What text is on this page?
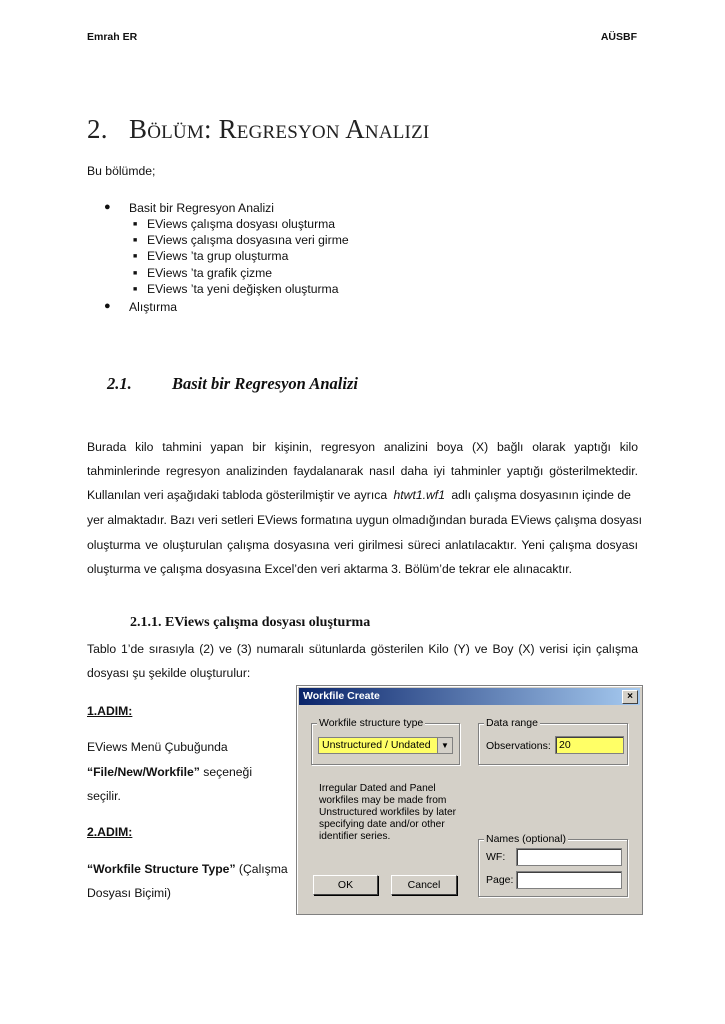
Emrah ER	AÜSBF
2. Bölüm: Regresyon Analizi
Bu bölümde;
● Basit bir Regresyon Analizi
■ EViews çalışma dosyası oluşturma
■ EViews çalışma dosyasına veri girme
■ EViews ’ta grup oluşturma
■ EViews ’ta grafik çizme
■ EViews ’ta yeni değişken oluşturma
● Alıştırma
2.1. Basit bir Regresyon Analizi
Burada kilo tahmini yapan bir kişinin, regresyon analizini boya (X) bağlı olarak yaptığı kilo
tahminlerinde regresyon analizinden faydalanarak nasıl daha iyi tahminler yaptığı gösterilmektedir.
Kullanılan veri aşağıdaki tabloda gösterilmiştir ve ayrıca htwt1.wf1 adlı çalışma dosyasının içinde de
yer almaktadır. Bazı veri setleri EViews formatına uygun olmadığından burada EViews çalışma dosyası
oluşturma ve oluşturulan çalışma dosyasına veri girilmesi süreci anlatılacaktır. Yeni çalışma dosyası
oluşturma ve çalışma dosyasına Excel’den veri aktarma 3. Bölüm’de tekrar ele alınacaktır.
2.1.1. EViews çalışma dosyası oluşturma
Tablo 1’de sırasıyla (2) ve (3) numaralı sütunlarda gösterilen Kilo (Y) ve Boy (X) verisi için çalışma
dosyası şu şekilde oluşturulur:
1.ADIM:
EViews Menü Çubuğunda
“File/New/Workfile” seçeneği
seçilir.
2.ADIM:
“Workfile Structure Type” (Çalışma
Dosyası Biçimi)
Workfile Create	×
Workfile structure type
Unstructured / Undated	▼
Data range
Observations: 20
Irregular Dated and Panel workfiles may be made from Unstructured workfiles by later specifying date and/or other identifier series.	Names (optional)
WF:
Page:
OK	Cancel
